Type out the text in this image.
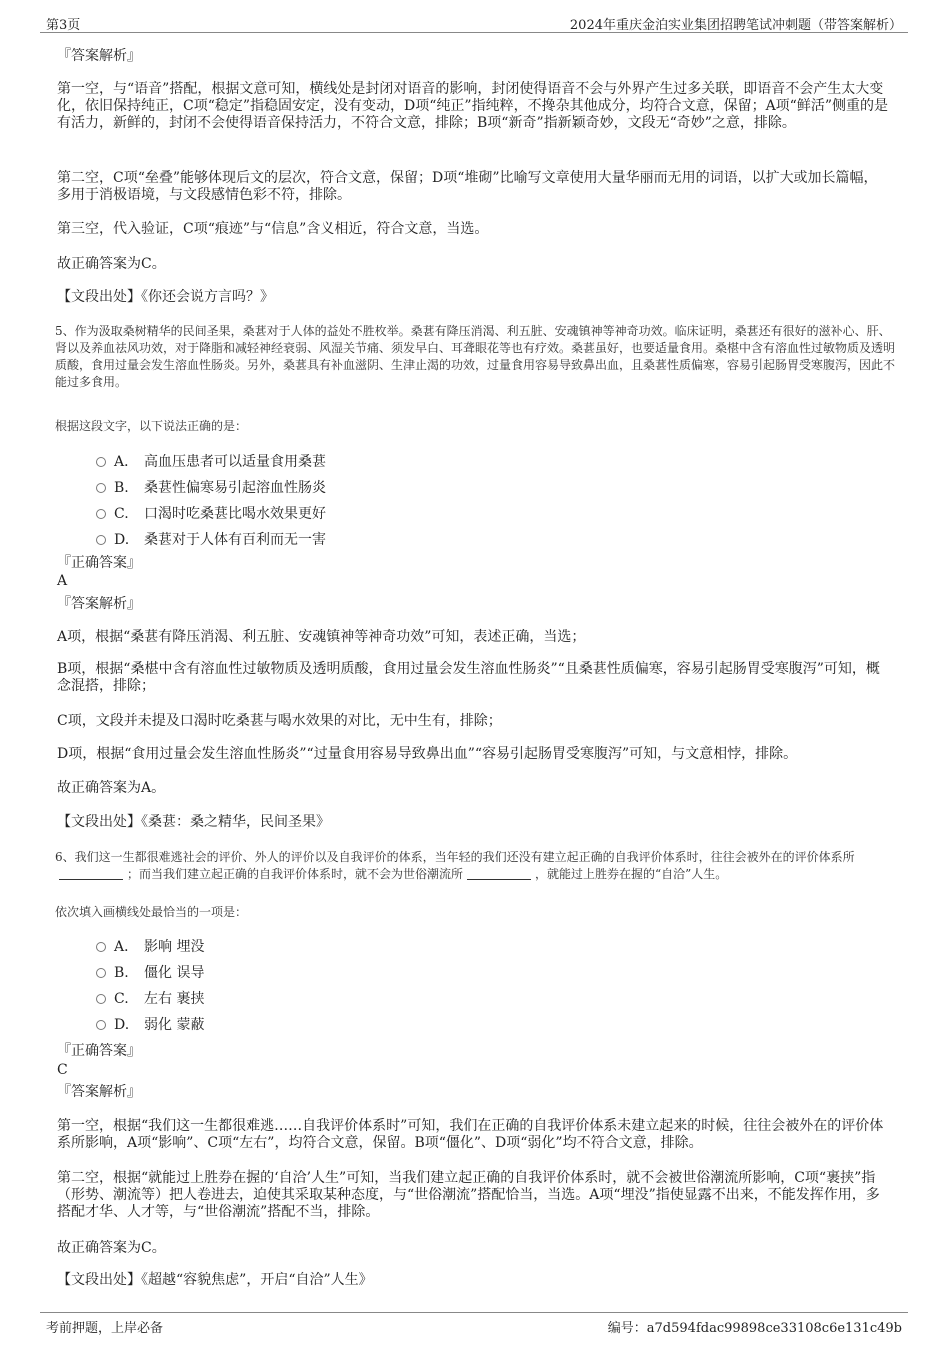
第3页	2024年重庆金泊实业集团招聘笔试冲刺题（带答案解析）
『答案解析』
第一空，与“语音”搭配，根据文意可知，横线处是封闭对语音的影响，封闭使得语音不会与外界产生过多关联，即语音不会产生太大变化，依旧保持纯正，C项“稳定”指稳固安定，没有变动，D项“纯正”指纯粹，不搀杂其他成分，均符合文意，保留；A项“鲜活”侧重的是有活力，新鲜的，封闭不会使得语音保持活力，不符合文意，排除；B项“新奇”指新颖奇妙，文段无“奇妙”之意，排除。
第二空，C项“垒叠”能够体现后文的层次，符合文意，保留；D项“堆砌”比喻写文章使用大量华丽而无用的词语，以扩大或加长篇幅，多用于消极语境，与文段感情色彩不符，排除。
第三空，代入验证，C项“痕迹”与“信息”含义相近，符合文意，当选。
故正确答案为C。
【文段出处】《你还会说方言吗？》
5、作为汲取桑树精华的民间圣果，桑葚对于人体的益处不胜枚举。桑葚有降压消渴、利五脏、安魂镇神等神奇功效。临床证明，桑葚还有很好的滋补心、肝、肾以及养血祛风功效，对于降脂和减轻神经衰弱、风湿关节痛、须发早白、耳聋眼花等也有疗效。桑葚虽好，也要适量食用。桑椹中含有溶血性过敏物质及透明质酸，食用过量会发生溶血性肠炎。另外，桑葚具有补血滋阴、生津止渴的功效，过量食用容易导致鼻出血，且桑葚性质偏寒，容易引起肠胃受寒腹泻，因此不能过多食用。
根据这段文字，以下说法正确的是：
A． 高血压患者可以适量食用桑葚
B. 桑葚性偏寒易引起溶血性肠炎
C. 口渴时吃桑葚比喝水效果更好
D. 桑葚对于人体有百利而无一害
『正确答案』
A
『答案解析』
A项，根据“桑葚有降压消渴、利五脏、安魂镇神等神奇功效”可知，表述正确，当选；
B项，根据“桑椹中含有溶血性过敏物质及透明质酸，食用过量会发生溶血性肠炎”“且桑葚性质偏寒，容易引起肠胃受寒腹泻”可知，概念混搭，排除；
C项，文段并未提及口渴时吃桑葚与喝水效果的对比，无中生有，排除；
D项，根据“食用过量会发生溶血性肠炎”“过量食用容易导致鼻出血”“容易引起肠胃受寒腹泻”可知，与文意相悖，排除。
故正确答案为A。
【文段出处】《桑葚：桑之精华，民间圣果》
6、我们这一生都很难逃社会的评价、外人的评价以及自我评价的体系，当年轻的我们还没有建立起正确的自我评价体系时，往往会被外在的评价体系所；而当我们建立起正确的自我评价体系时，就不会为世俗潮流所	，就能过上胜券在握的“自洽”人生。
依次填入画横线处最恰当的一项是：
A． 影响 埋没
B. 僵化 误导
C. 左右 裹挟
D. 弱化 蒙蔽
『正确答案』
C
『答案解析』
第一空，根据“我们这一生都很难逃……自我评价体系时”可知，我们在正确的自我评价体系未建立起来的时候，往往会被外在的评价体系所影响，A项“影响”、C项“左右”，均符合文意，保留。B项“僵化”、D项“弱化”均不符合文意，排除。
第二空，根据“就能过上胜券在握的‘自洽’人生”可知，当我们建立起正确的自我评价体系时，就不会被世俗潮流所影响，C项“裹挟”指（形势、潮流等）把人卷进去，迫使其采取某种态度，与“世俗潮流”搭配恰当，当选。A项“埋没”指使显露不出来，不能发挥作用，多搭配才华、人才等，与“世俗潮流”搭配不当，排除。
故正确答案为C。
【文段出处】《超越“容貌焦虑”，开启“自洽”人生》
考前押题，上岸必备	编号：a7d594fdac99898ce33108c6e131c49b
